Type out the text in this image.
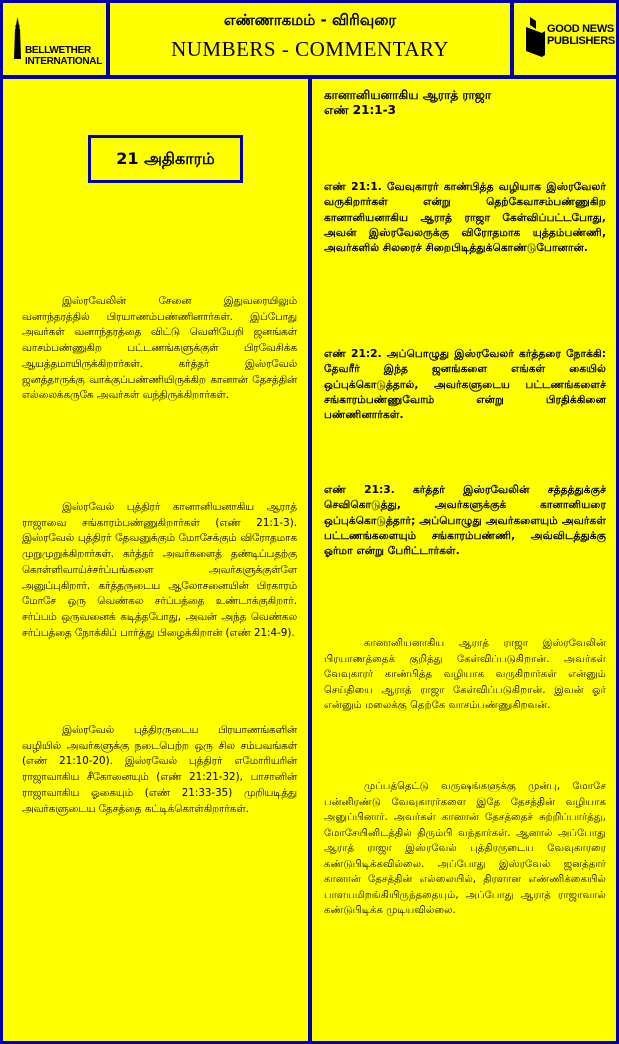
BELLWETHER
INTERNATIONAL
எண்ணாகமம் - விரிவுரை
NUMBERS - COMMENTARY
GOOD NEWS
PUBLISHERS
21 அதிகாரம்
இஸ்ரவேலின் சேனை இதுவரையிலும் வனாந்தரத்தில் பிரயாணம்பண்ணினார்கள். இப்போது அவர்கள் வனாந்தரத்தை விட்டு வெளியேறி ஜனங்கள் வாசம்பண்ணுகிற பட்டணங்களுக்குள் பிரவேசிக்க ஆயத்தமாயிருக்கிறார்கள். கர்த்தர் இஸ்ரவேல் ஜனத்தாருக்கு வாக்குப்பண்ணியிருக்கிற கானான் தேசத்தின் எல்லைக்கருகே அவர்கள் வந்திருக்கிறார்கள்.
இஸ்ரவேல் புத்திரர் கானானியனாகிய ஆராத் ராஜாவை சங்காரம்பண்ணுகிறார்கள் (எண் 21:1-3). இஸ்ரவேல் புத்திரர் தேவனுக்கும் மோசேக்கும் விரோதமாக முறுமுறுக்கிறார்கள். கர்த்தர் அவர்களைத் தண்டிப்பதற்கு கொள்ளிவாய்ச்சர்ப்பங்களை அவர்களுக்குள்ளே அனுப்புகிறார். கர்த்தருடைய ஆலோசனையின் பிரகாரம் மோசே ஒரு வெண்கல சர்ப்பத்தை உண்டாக்குகிறார். சர்ப்பம் ஒருவனைக் கடித்தபோது, அவன் அந்த வெண்கல சர்ப்பத்தை நோக்கிப் பார்த்து பிழைக்கிறான் (எண் 21:4-9).
இஸ்ரவேல் புத்திரருடைய பிரயாணங்களின் வழியில் அவர்களுக்கு நடைபெற்ற ஒரு சில சம்பவங்கள் (எண் 21:10-20). இஸ்ரவேல் புத்திரர் எமோரியரின் ராஜாவாகிய சீகோனையும் (எண் 21:21-32), பாசானின் ராஜாவாகிய ஓகையும் (எண் 21:33-35) முறியடித்து அவர்களுடைய தேசத்தை கட்டிக்கொள்கிறார்கள்.
கானானியனாகிய ஆராத் ராஜா
எண் 21:1-3
எண் 21:1. வேவுகாரர் காண்பித்த வழியாக இஸ்ரவேலர் வருகிறார்கள் என்று தெற்கேவாசம்பண்ணுகிற கானானியனாகிய ஆராத் ராஜா கேள்விப்பட்டபோது, அவன் இஸ்ரவேலருக்கு விரோதமாக யுத்தம்பண்ணி, அவர்களில் சிலரைச் சிறைபிடித்துக்கொண்டுபோனான்.
எண் 21:2. அப்பொழுது இஸ்ரவேலர் கர்த்தரை நோக்கி: தேவரீர் இந்த ஜனங்களை எங்கள் கையில் ஒப்புக்கொடுத்தால், அவர்களுடைய பட்டணங்களைச் சங்காரம்பண்ணுவோம் என்று பிரதிக்கினை பண்ணினார்கள்.
எண் 21:3. கர்த்தர் இஸ்ரவேலின் சத்தத்துக்குச் செவிகொடுத்து, அவர்களுக்குக் கானானியரை ஒப்புக்கொடுத்தார்; அப்பொழுது அவர்களையும் அவர்கள் பட்டணங்களையும் சங்காரம்பண்ணி, அவ்விடத்துக்கு ஓர்மா என்று பேரிட்டார்கள்.
கானானியனாகிய ஆராத் ராஜா இஸ்ரவேலின் பிரயாணத்தைக் குறித்து கேள்விப்படுகிறான். அவர்கள் வேவுகாரர் காண்பித்த வழியாக வருகிறார்கள் என்னும் செய்தியை ஆராத் ராஜா கேள்விப்படுகிறான். இவன் ஓர் என்னும் மலைக்கு தெற்கே வாசம்பண்ணுகிறவன்.
முப்பத்தெட்டு வருஷங்களுக்கு முன்பு, மோசே பன்னிரண்டு வேவுகாரர்களை இதே தேசத்தின் வழியாக அனுப்பினார். அவர்கள் கானான் தேசத்தைச் சுற்றிப்பார்த்து, மோசேயினிடத்தில் திரும்பி வந்தார்கள். ஆனால் அப்போது ஆராத் ராஜா இஸ்ரவேல் புத்திரருடைய வேவுகாரரை கண்டுபிடிக்கவில்லை. அப்போது இஸ்ரவேல் ஜனத்தார் கானான் தேசத்தின் எல்லையில், திரளான எண்ணிக்கையில் பாளயமிறங்கியிருந்ததையும், அப்போது ஆராத் ராஜாவால் கண்டுபிடிக்க முடியவில்லை.
